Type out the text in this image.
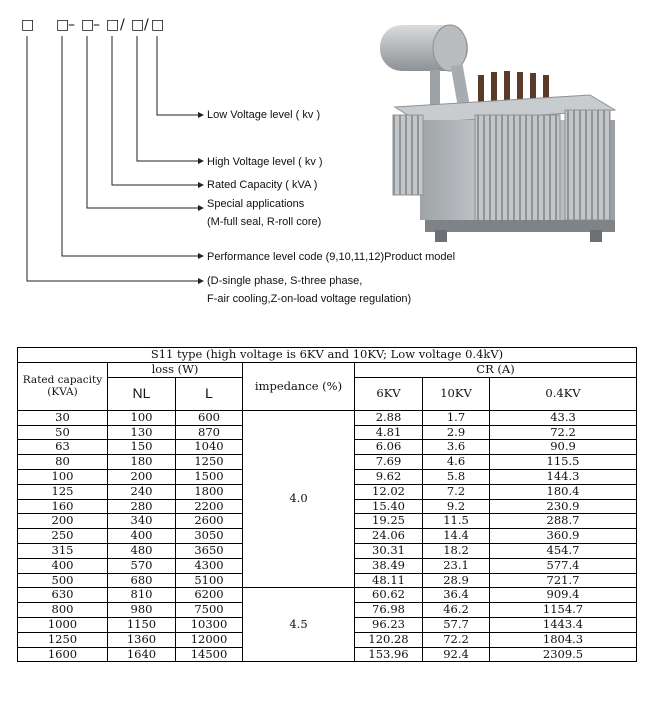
□ □
– □
– □ / □ / □
Low Voltage level ( kv )
High Voltage level ( kv )
Rated Capacity ( kVA )
Special applications
(M-full seal, R-roll core)
Performance level code (9,10,11,12)Product model
(D-single phase, S-three phase,
F-air cooling,Z-on-load voltage regulation)
S11 type (high voltage is 6KV and 10KV; Low voltage 0.4kV)						
Rated capacity (KVA)	loss (W)		impedance (%)	CR (A)		
	NL	L		6KV	10KV	0.4KV
30	100	600	4.0	2.88	1.7	43.3
50	130	870		4.81	2.9	72.2
63	150	1040		6.06	3.6	90.9
80	180	1250		7.69	4.6	115.5
100	200	1500		9.62	5.8	144.3
125	240	1800		12.02	7.2	180.4
160	280	2200		15.40	9.2	230.9
200	340	2600		19.25	11.5	288.7
250	400	3050		24.06	14.4	360.9
315	480	3650		30.31	18.2	454.7
400	570	4300		38.49	23.1	577.4
500	680	5100		48.11	28.9	721.7
630	810	6200	4.5	60.62	36.4	909.4
800	980	7500		76.98	46.2	1154.7
1000	1150	10300		96.23	57.7	1443.4
1250	1360	12000		120.28	72.2	1804.3
1600	1640	14500		153.96	92.4	2309.5
